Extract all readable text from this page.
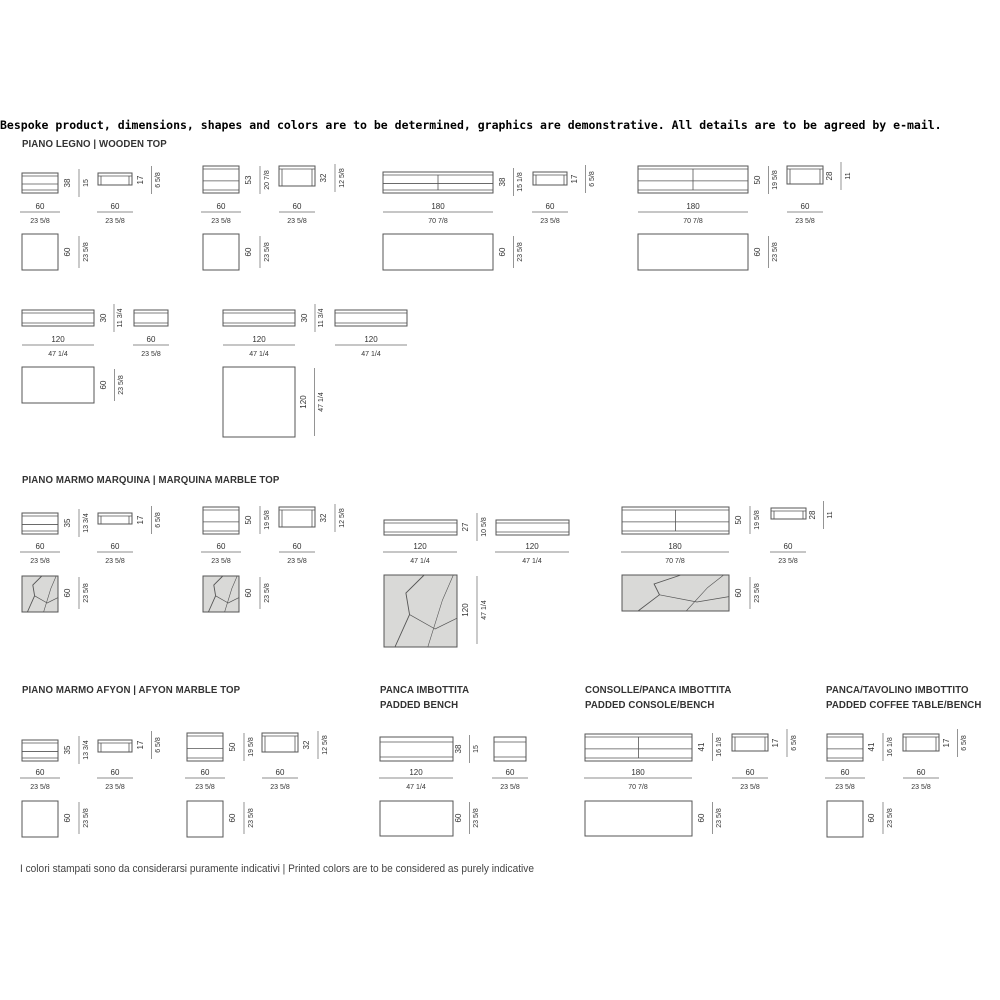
Bespoke product, dimensions, shapes and colors are to be determined, graphics are demonstrative. All details are to be agreed by e-mail.
PIANO LEGNO | WOODEN TOP
PIANO MARMO MARQUINA | MARQUINA MARBLE TOP
PIANO MARMO AFYON | AFYON MARBLE TOP	PANCA IMBOTTITA
PADDED BENCH
CONSOLLE/PANCA IMBOTTITA
PADDED CONSOLE/BENCH
PANCA/TAVOLINO IMBOTTITO
PADDED COFFEE TABLE/BENCH
60
23 5/8
60
23 5/8
60
23 5/8
60
23 5/8
180
70 7/8
60
23 5/8
180
70 7/8
60
23 5/8
120
47 1/4
60
23 5/8
120
47 1/4
120
47 1/4
60
23 5/8
60
23 5/8
60
23 5/8
60
23 5/8
120
47 1/4
120
47 1/4
180
70 7/8
60
23 5/8
60
23 5/8
60
23 5/8
60
23 5/8
60
23 5/8
120
47 1/4
60
23 5/8
180
70 7/8
60
23 5/8
60
23 5/8
60
23 5/8
38 15	17 6 5/8	53 20 7/8	32 12 5/8	38 15 1/8	17 6 5/8	50 19 5/8	28 11
30 11 3/4	30 11 3/4
35 13 3/4	17 6 5/8	50 19 5/8	32 12 5/8	27 10 5/8	50 19 5/8	28 11
35 13 3/4	17 6 5/8	50 19 5/8	32 12 5/8	38 15	41 16 1/8	17 6 5/8	41 16 1/8	17 6 5/8
60 23 5/8	60 23 5/8	60 23 5/8	60 23 5/8
60 23 5/8
120 47 1/4
60 23 5/8	60 23 5/8
120 47 1/4
60 23 5/8
60 23 5/8	60 23 5/8	60 23 5/8	60 23 5/8	60 23 5/8
I colori stampati sono da considerarsi puramente indicativi | Printed colors are to be considered as purely indicative
